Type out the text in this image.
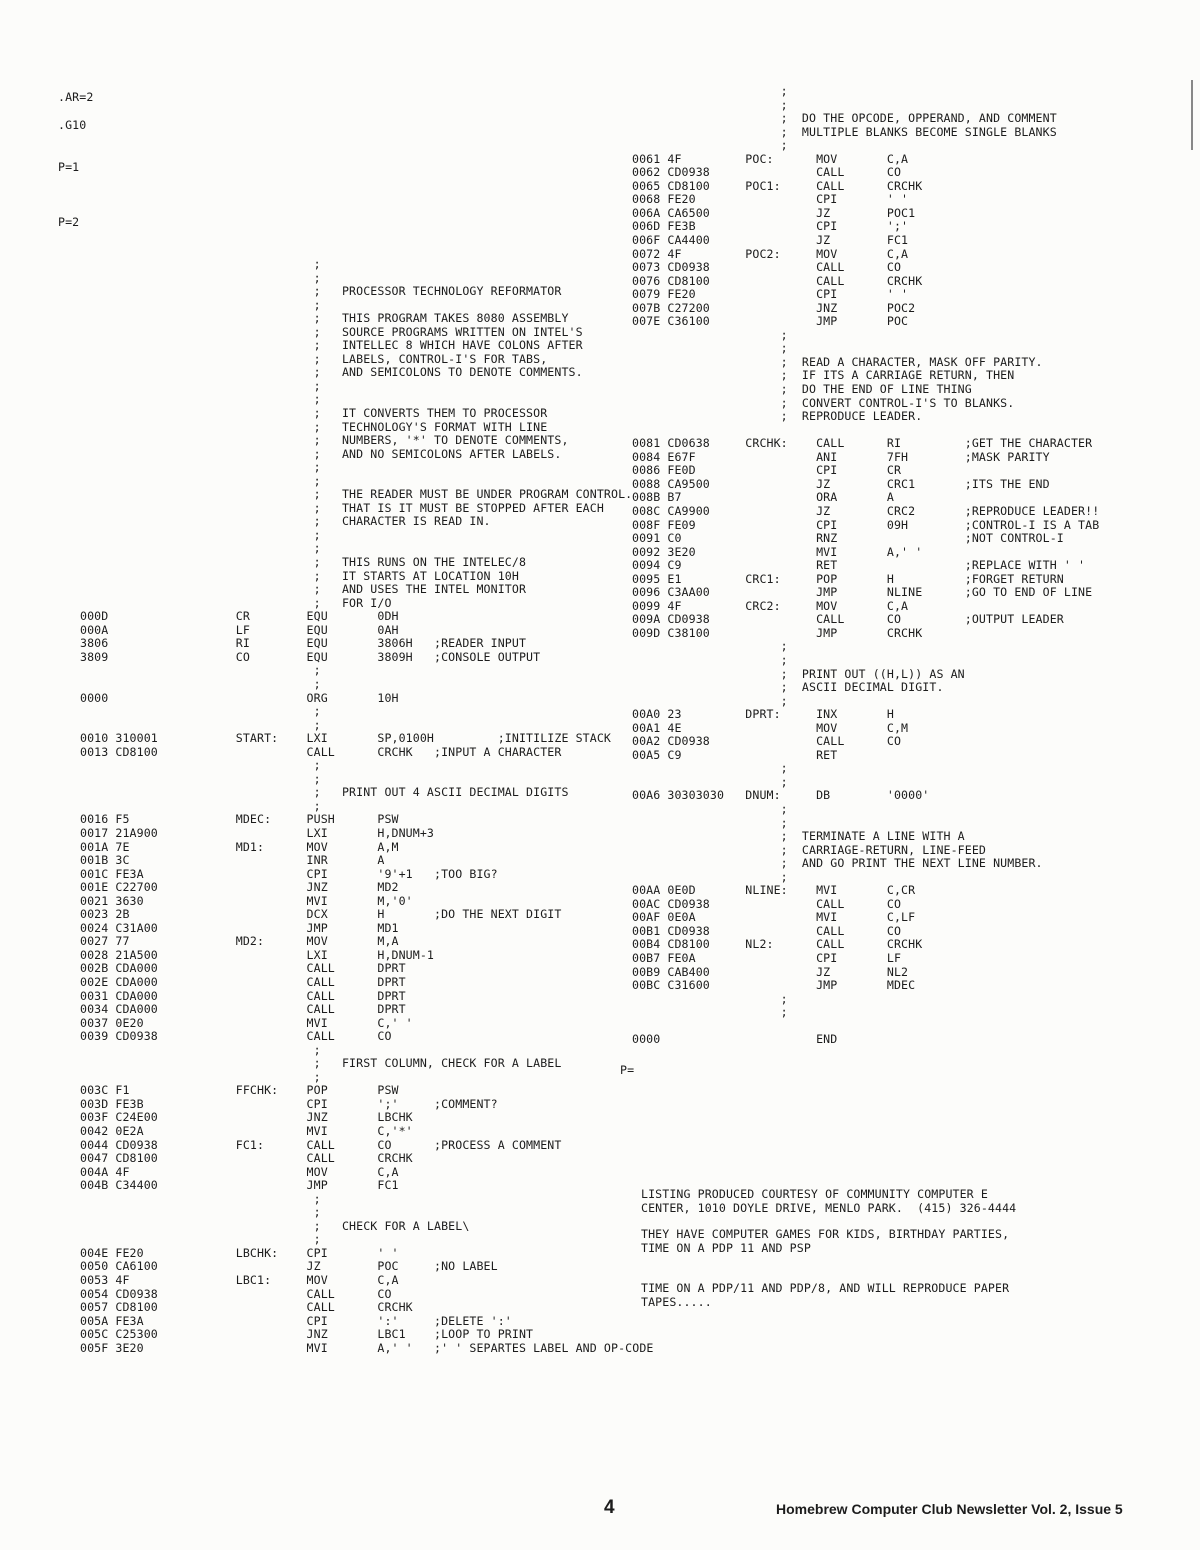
.AR=2
.G10
P=1
P=2
;
;
;   PROCESSOR TECHNOLOGY REFORMATOR
;
;   THIS PROGRAM TAKES 8080 ASSEMBLY
;   SOURCE PROGRAMS WRITTEN ON INTEL'S
;   INTELLEC 8 WHICH HAVE COLONS AFTER
;   LABELS, CONTROL-I'S FOR TABS,
;   AND SEMICOLONS TO DENOTE COMMENTS.
;
;
;   IT CONVERTS THEM TO PROCESSOR
;   TECHNOLOGY'S FORMAT WITH LINE
;   NUMBERS, '*' TO DENOTE COMMENTS,
;   AND NO SEMICOLONS AFTER LABELS.
;
;
;   THE READER MUST BE UNDER PROGRAM CONTROL.
;   THAT IS IT MUST BE STOPPED AFTER EACH
;   CHARACTER IS READ IN.
;
;
;   THIS RUNS ON THE INTELEC/8
;   IT STARTS AT LOCATION 10H
;   AND USES THE INTEL MONITOR
;   FOR I/O
000D                  CR        EQU       0DH
000A                  LF        EQU       0AH
3806                  RI        EQU       3806H   ;READER INPUT
3809                  CO        EQU       3809H   ;CONSOLE OUTPUT
;
;
0000                            ORG       10H
;
;
0010 310001           START:    LXI       SP,0100H         ;INITILIZE STACK
0013 CD8100                     CALL      CRCHK   ;INPUT A CHARACTER
;
;
;   PRINT OUT 4 ASCII DECIMAL DIGITS
;
0016 F5               MDEC:     PUSH      PSW
0017 21A900                     LXI       H,DNUM+3
001A 7E               MD1:      MOV       A,M
001B 3C                         INR       A
001C FE3A                       CPI       '9'+1   ;TOO BIG?
001E C22700                     JNZ       MD2
0021 3630                       MVI       M,'0'
0023 2B                         DCX       H       ;DO THE NEXT DIGIT
0024 C31A00                     JMP       MD1
0027 77               MD2:      MOV       M,A
0028 21A500                     LXI       H,DNUM-1
002B CDA000                     CALL      DPRT
002E CDA000                     CALL      DPRT
0031 CDA000                     CALL      DPRT
0034 CDA000                     CALL      DPRT
0037 0E20                       MVI       C,' '
0039 CD0938                     CALL      CO
;
;   FIRST COLUMN, CHECK FOR A LABEL
;
003C F1               FFCHK:    POP       PSW
003D FE3B                       CPI       ';'     ;COMMENT?
003F C24E00                     JNZ       LBCHK
0042 0E2A                       MVI       C,'*'
0044 CD0938           FC1:      CALL      CO      ;PROCESS A COMMENT
0047 CD8100                     CALL      CRCHK
004A 4F                         MOV       C,A
004B C34400                     JMP       FC1
;
;
;   CHECK FOR A LABEL\
;
004E FE20             LBCHK:    CPI       ' '
0050 CA6100                     JZ        POC     ;NO LABEL
0053 4F               LBC1:     MOV       C,A
0054 CD0938                     CALL      CO
0057 CD8100                     CALL      CRCHK
005A FE3A                       CPI       ':'     ;DELETE ':'
005C C25300                     JNZ       LBC1    ;LOOP TO PRINT
005F 3E20                       MVI       A,' '   ;' ' SEPARTES LABEL AND OP-CODE
;
;
;  DO THE OPCODE, OPPERAND, AND COMMENT
;  MULTIPLE BLANKS BECOME SINGLE BLANKS
;
0061 4F         POC:      MOV       C,A
0062 CD0938               CALL      CO
0065 CD8100     POC1:     CALL      CRCHK
0068 FE20                 CPI       ' '
006A CA6500               JZ        POC1
006D FE3B                 CPI       ';'
006F CA4400               JZ        FC1
0072 4F         POC2:     MOV       C,A
0073 CD0938               CALL      CO
0076 CD8100               CALL      CRCHK
0079 FE20                 CPI       ' '
007B C27200               JNZ       POC2
007E C36100               JMP       POC
;
;
;  READ A CHARACTER, MASK OFF PARITY.
;  IF ITS A CARRIAGE RETURN, THEN
;  DO THE END OF LINE THING
;  CONVERT CONTROL-I'S TO BLANKS.
;  REPRODUCE LEADER.

0081 CD0638     CRCHK:    CALL      RI         ;GET THE CHARACTER
0084 E67F                 ANI       7FH        ;MASK PARITY
0086 FE0D                 CPI       CR
0088 CA9500               JZ        CRC1       ;ITS THE END
008B B7                   ORA       A
008C CA9900               JZ        CRC2       ;REPRODUCE LEADER!!
008F FE09                 CPI       09H        ;CONTROL-I IS A TAB
0091 C0                   RNZ                  ;NOT CONTROL-I
0092 3E20                 MVI       A,' '
0094 C9                   RET                  ;REPLACE WITH ' '
0095 E1         CRC1:     POP       H          ;FORGET RETURN
0096 C3AA00               JMP       NLINE      ;GO TO END OF LINE
0099 4F         CRC2:     MOV       C,A
009A CD0938               CALL      CO         ;OUTPUT LEADER
009D C38100               JMP       CRCHK
;
;
;  PRINT OUT ((H,L)) AS AN
;  ASCII DECIMAL DIGIT.
;
00A0 23         DPRT:     INX       H
00A1 4E                   MOV       C,M
00A2 CD0938               CALL      CO
00A5 C9                   RET
;
;
00A6 30303030   DNUM:     DB        '0000'
;
;
;  TERMINATE A LINE WITH A
;  CARRIAGE-RETURN, LINE-FEED
;  AND GO PRINT THE NEXT LINE NUMBER.
;
00AA 0E0D       NLINE:    MVI       C,CR
00AC CD0938               CALL      CO
00AF 0E0A                 MVI       C,LF
00B1 CD0938               CALL      CO
00B4 CD8100     NL2:      CALL      CRCHK
00B7 FE0A                 CPI       LF
00B9 CAB400               JZ        NL2
00BC C31600               JMP       MDEC
;
;

0000                      END
P=
LISTING PRODUCED COURTESY OF COMMUNITY COMPUTER E
CENTER, 1010 DOYLE DRIVE, MENLO PARK.  (415) 326-4444
THEY HAVE COMPUTER GAMES FOR KIDS, BIRTHDAY PARTIES,
TIME ON A PDP 11 AND PSP
TIME ON A PDP/11 AND PDP/8, AND WILL REPRODUCE PAPER
TAPES.....
4	Homebrew Computer Club Newsletter Vol. 2, Issue 5
